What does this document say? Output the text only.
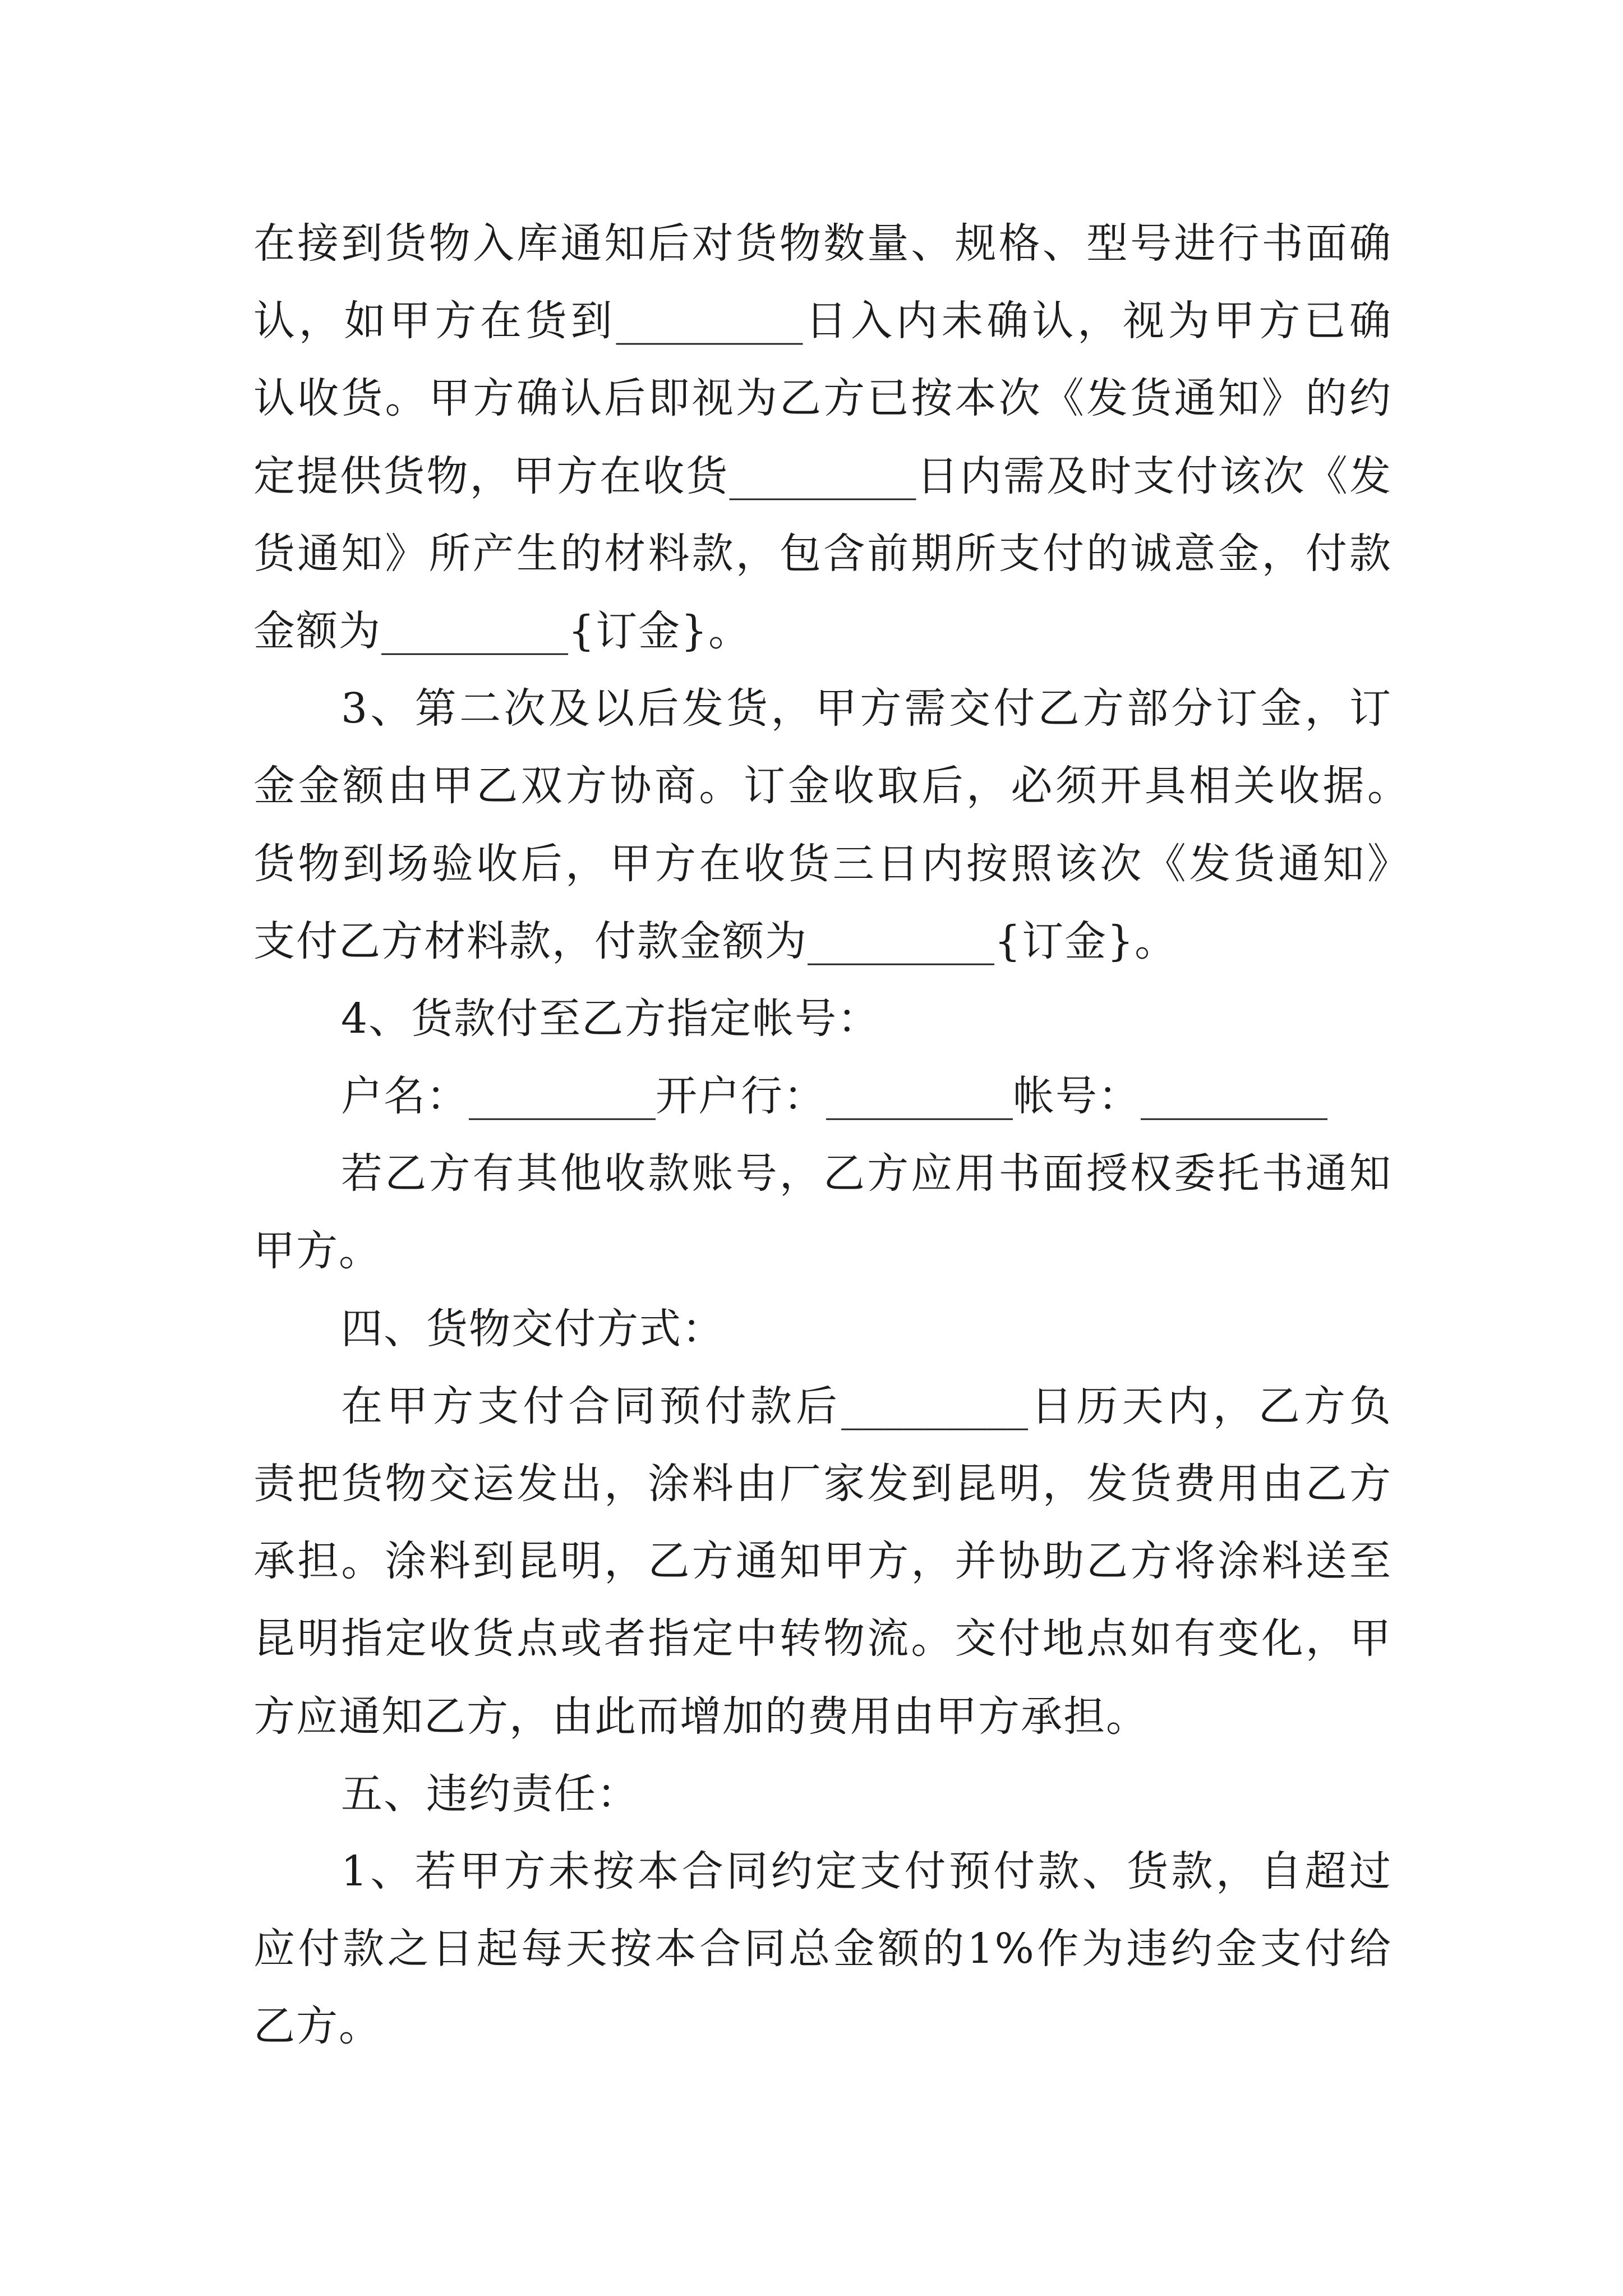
在接到货物入库通知后对货物数量、规格、型号进行书面确
认，如甲方在货到_________日入内未确认，视为甲方已确
认收货。甲方确认后即视为乙方已按本次《发货通知》的约
定提供货物，甲方在收货_________日内需及时支付该次《发
货通知》所产生的材料款，包含前期所支付的诚意金，付款
金额为_________{订金}。
3、第二次及以后发货，甲方需交付乙方部分订金，订
金金额由甲乙双方协商。订金收取后，必须开具相关收据。
货物到场验收后，甲方在收货三日内按照该次《发货通知》
支付乙方材料款，付款金额为_________{订金}。
4、货款付至乙方指定帐号：
户名：_________开户行：_________帐号：_________
若乙方有其他收款账号，乙方应用书面授权委托书通知
甲方。
四、货物交付方式：
在甲方支付合同预付款后_________日历天内，乙方负
责把货物交运发出，涂料由厂家发到昆明，发货费用由乙方
承担。涂料到昆明，乙方通知甲方，并协助乙方将涂料送至
昆明指定收货点或者指定中转物流。交付地点如有变化，甲
方应通知乙方，由此而增加的费用由甲方承担。
五、违约责任：
1、若甲方未按本合同约定支付预付款、货款，自超过
应付款之日起每天按本合同总金额的1%作为违约金支付给
乙方。
